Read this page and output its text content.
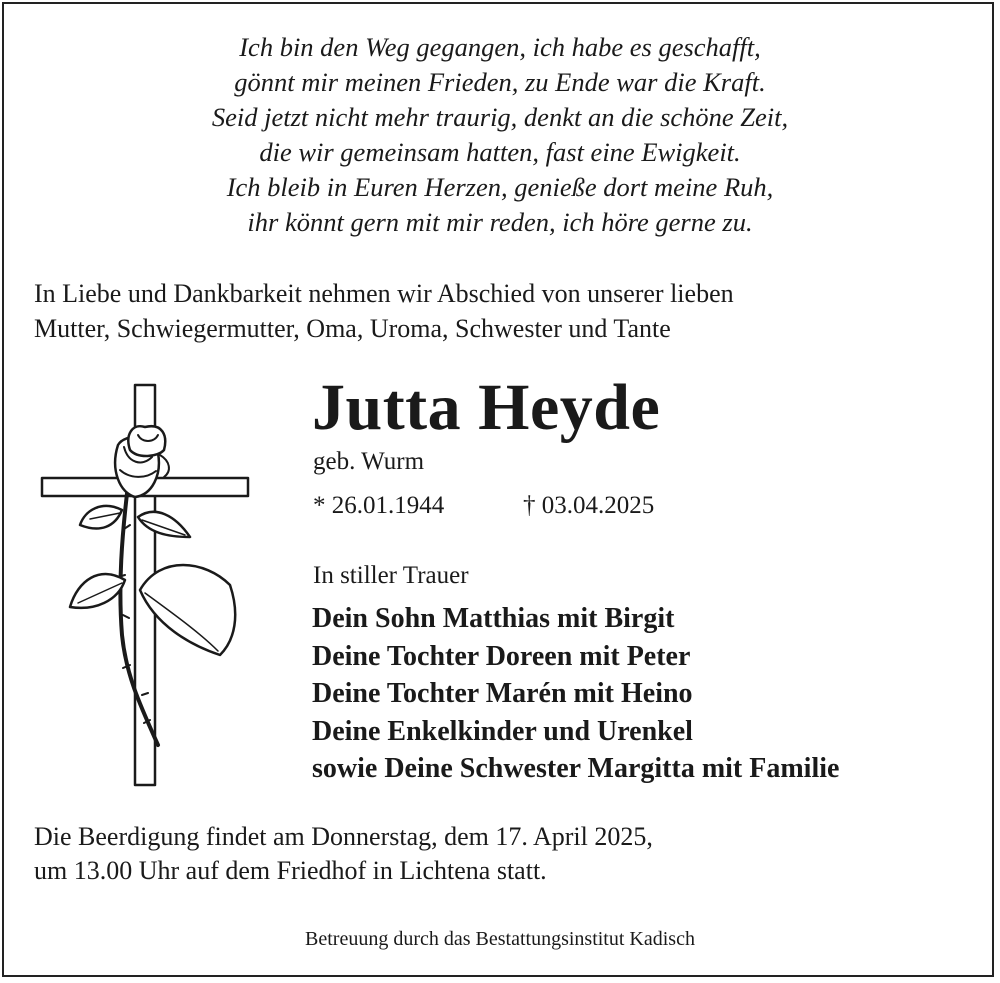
Ich bin den Weg gegangen, ich habe es geschafft,
gönnt mir meinen Frieden, zu Ende war die Kraft.
Seid jetzt nicht mehr traurig, denkt an die schöne Zeit,
die wir gemeinsam hatten, fast eine Ewigkeit.
Ich bleib in Euren Herzen, genieße dort meine Ruh,
ihr könnt gern mit mir reden, ich höre gerne zu.
In Liebe und Dankbarkeit nehmen wir Abschied von unserer lieben
Mutter, Schwiegermutter, Oma, Uroma, Schwester und Tante
Jutta Heyde
geb. Wurm
* 26.01.1944	† 03.04.2025
In stiller Trauer
Dein Sohn Matthias mit Birgit
Deine Tochter Doreen mit Peter
Deine Tochter Marén mit Heino
Deine Enkelkinder und Urenkel
sowie Deine Schwester Margitta mit Familie
Die Beerdigung findet am Donnerstag, dem 17. April 2025,
um 13.00 Uhr auf dem Friedhof in Lichtena statt.
Betreuung durch das Bestattungsinstitut Kadisch
